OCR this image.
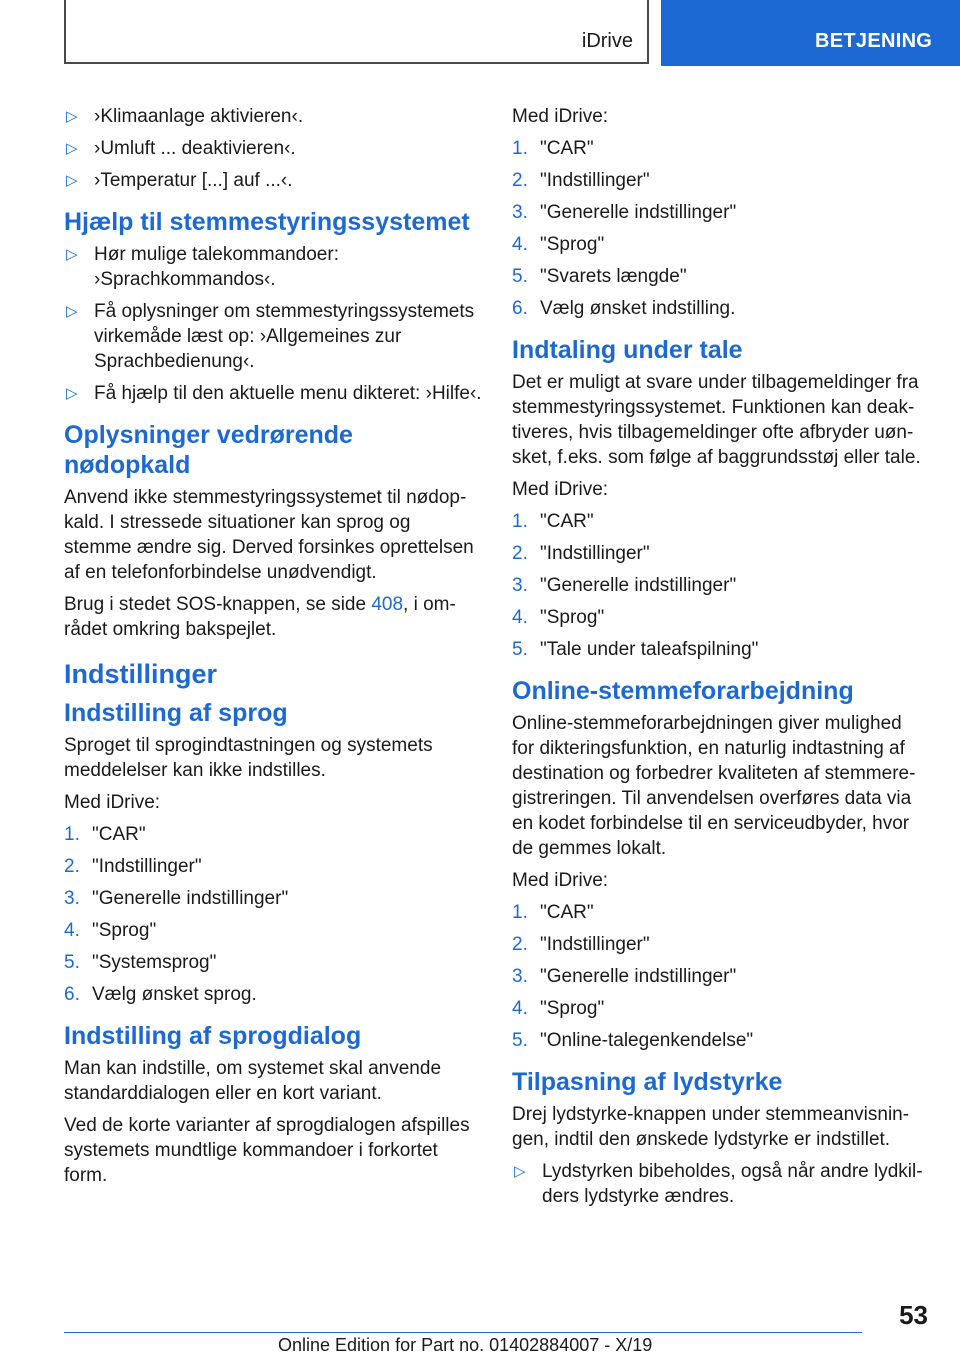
iDrive	BETJENING
▷ ›Klimaanlage aktivieren‹.
▷ ›Umluft ... deaktivieren‹.
▷ ›Temperatur [...] auf ...‹.
Hjælp til stemmestyringssystemet
▷ Hør mulige talekommandoer: ›Sprachkommandos‹.
▷ Få oplysninger om stemmestyringssystemets virkemåde læst op: ›Allgemeines zur Sprachbedienung‹.
▷ Få hjælp til den aktuelle menu dikteret: ›Hilfe‹.
Oplysninger vedrørende nødopkald

Anvend ikke stemmestyringssystemet til nødopkald. I stressede situationer kan sprog og stemme ændre sig. Derved forsinkes oprettelsen af en telefonforbindelse unødvendigt.

Brug i stedet SOS-knappen, se side 408, i området omkring bakspejlet.

Indstillinger
Indstilling af sprog

Sproget til sprogindtastningen og systemets meddelelser kan ikke indstilles.

Med iDrive:

1. "CAR"
2. "Indstillinger"
3. "Generelle indstillinger"
4. "Sprog"
5. "Systemsprog"
6. Vælg ønsket sprog.
Indstilling af sprogdialog

Man kan indstille, om systemet skal anvende standarddialogen eller en kort variant.

Ved de korte varianter af sprogdialogen afspilles systemets mundtlige kommandoer i forkortet form.

Med iDrive:

1. "CAR"
2. "Indstillinger"
3. "Generelle indstillinger"
4. "Sprog"
5. "Svarets længde"
6. Vælg ønsket indstilling.
Indtaling under tale

Det er muligt at svare under tilbagemeldinger fra stemmestyringssystemet. Funktionen kan deaktiveres, hvis tilbagemeldinger ofte afbryder uønsket, f.eks. som følge af baggrundsstøj eller tale.

Med iDrive:

1. "CAR"
2. "Indstillinger"
3. "Generelle indstillinger"
4. "Sprog"
5. "Tale under taleafspilning"
Online-stemmeforarbejdning

Online-stemmeforarbejdningen giver mulighed for dikteringsfunktion, en naturlig indtastning af destination og forbedrer kvaliteten af stemmeregistreringen. Til anvendelsen overføres data via en kodet forbindelse til en serviceudbyder, hvor de gemmes lokalt.

Med iDrive:

1. "CAR"
2. "Indstillinger"
3. "Generelle indstillinger"
4. "Sprog"
5. "Online-talegenkendelse"
Tilpasning af lydstyrke

Drej lydstyrke-knappen under stemmeanvisningen, indtil den ønskede lydstyrke er indstillet.

▷ Lydstyrken bibeholdes, også når andre lydkilders lydstyrke ændres.
53
Online Edition for Part no. 01402884007 - X/19
